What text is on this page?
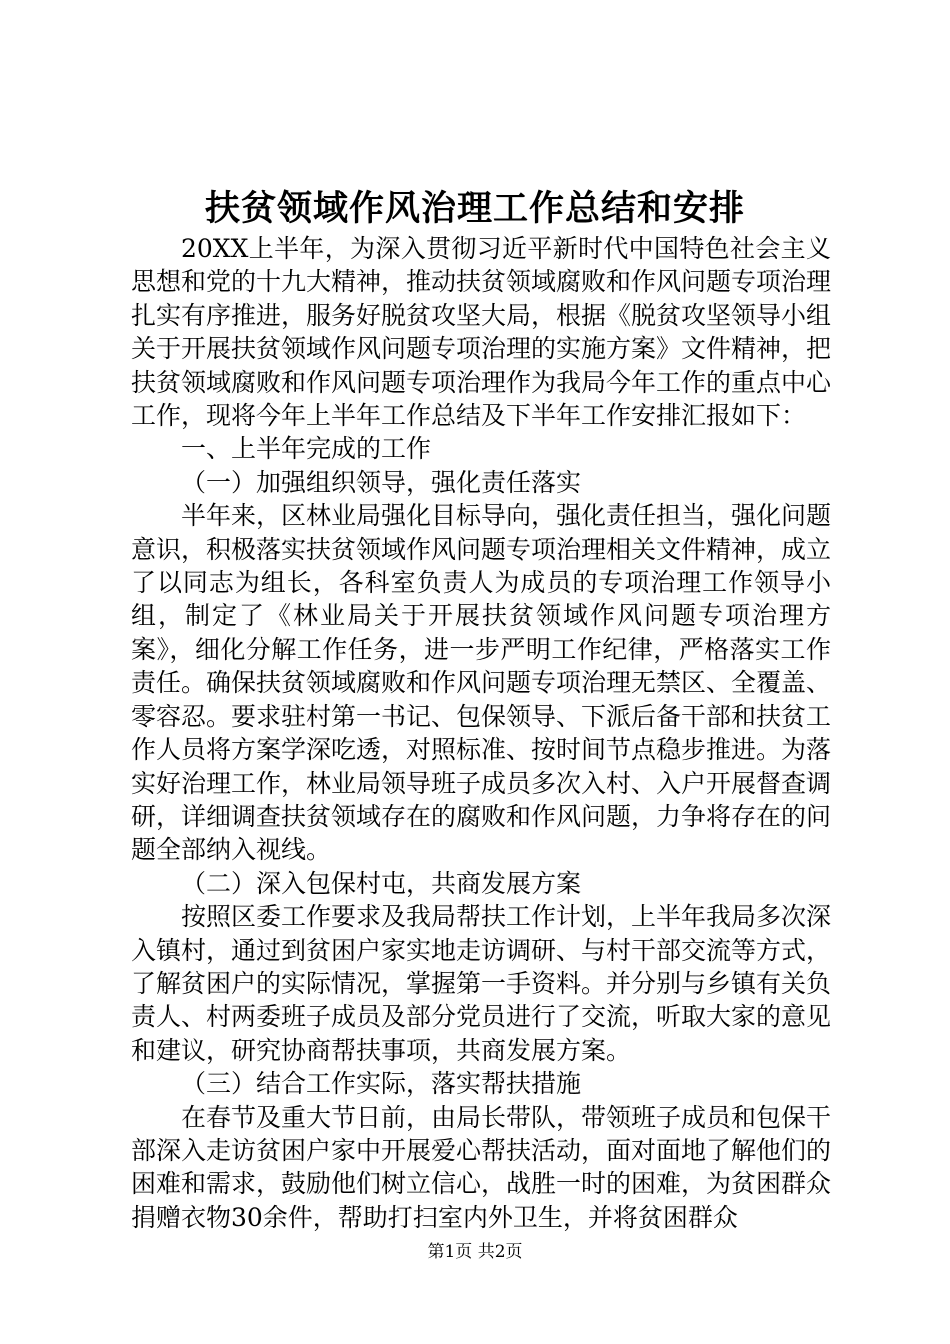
扶贫领域作风治理工作总结和安排

20XX上半年，为深入贯彻习近平新时代中国特色社会主义思想和党的十九大精神，推动扶贫领域腐败和作风问题专项治理扎实有序推进，服务好脱贫攻坚大局，根据《脱贫攻坚领导小组关于开展扶贫领域作风问题专项治理的实施方案》文件精神，把扶贫领域腐败和作风问题专项治理作为我局今年工作的重点中心工作，现将今年上半年工作总结及下半年工作安排汇报如下：

一、上半年完成的工作

（一）加强组织领导，强化责任落实

半年来，区林业局强化目标导向，强化责任担当，强化问题意识，积极落实扶贫领域作风问题专项治理相关文件精神，成立了以同志为组长，各科室负责人为成员的专项治理工作领导小组，制定了《林业局关于开展扶贫领域作风问题专项治理方案》，细化分解工作任务，进一步严明工作纪律，严格落实工作责任。确保扶贫领域腐败和作风问题专项治理无禁区、全覆盖、零容忍。要求驻村第一书记、包保领导、下派后备干部和扶贫工作人员将方案学深吃透，对照标准、按时间节点稳步推进。为落实好治理工作，林业局领导班子成员多次入村、入户开展督查调研，详细调查扶贫领域存在的腐败和作风问题，力争将存在的问题全部纳入视线。

（二）深入包保村屯，共商发展方案

按照区委工作要求及我局帮扶工作计划，上半年我局多次深入镇村，通过到贫困户家实地走访调研、与村干部交流等方式，了解贫困户的实际情况，掌握第一手资料。并分别与乡镇有关负责人、村两委班子成员及部分党员进行了交流，听取大家的意见和建议，研究协商帮扶事项，共商发展方案。

（三）结合工作实际，落实帮扶措施

在春节及重大节日前，由局长带队，带领班子成员和包保干部深入走访贫困户家中开展爱心帮扶活动，面对面地了解他们的困难和需求，鼓励他们树立信心，战胜一时的困难，为贫困群众捐赠衣物30余件，帮助打扫室内外卫生，并将贫困群众

第1页 共2页
